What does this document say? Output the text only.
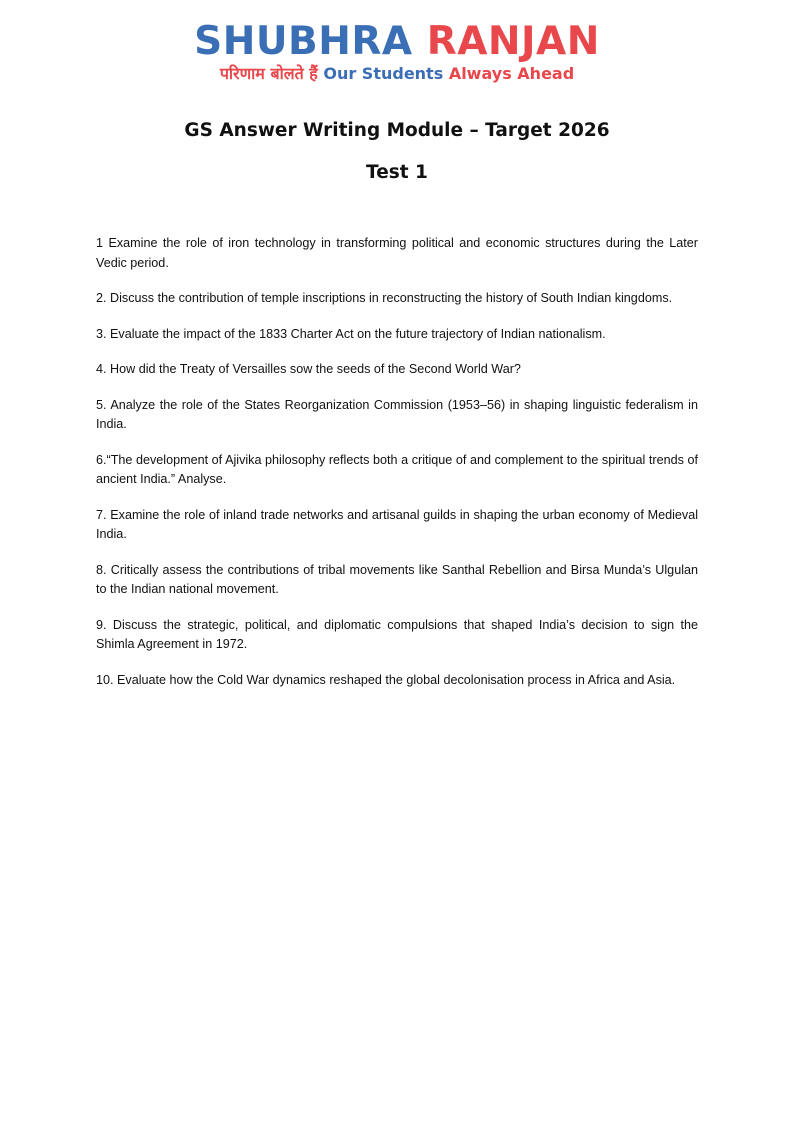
SHUBHRA RANJAN
परिणाम बोलते हैं Our Students Always Ahead
GS Answer Writing Module – Target 2026
Test 1

1 Examine the role of iron technology in transforming political and economic structures during the Later Vedic period.

2. Discuss the contribution of temple inscriptions in reconstructing the history of South Indian kingdoms.

3. Evaluate the impact of the 1833 Charter Act on the future trajectory of Indian nationalism.

4. How did the Treaty of Versailles sow the seeds of the Second World War?

5. Analyze the role of the States Reorganization Commission (1953–56) in shaping linguistic federalism in India.

6.“The development of Ajivika philosophy reflects both a critique of and complement to the spiritual trends of ancient India.” Analyse.

7. Examine the role of inland trade networks and artisanal guilds in shaping the urban economy of Medieval India.

8. Critically assess the contributions of tribal movements like Santhal Rebellion and Birsa Munda’s Ulgulan to the Indian national movement.

9. Discuss the strategic, political, and diplomatic compulsions that shaped India’s decision to sign the Shimla Agreement in 1972.

10. Evaluate how the Cold War dynamics reshaped the global decolonisation process in Africa and Asia.
